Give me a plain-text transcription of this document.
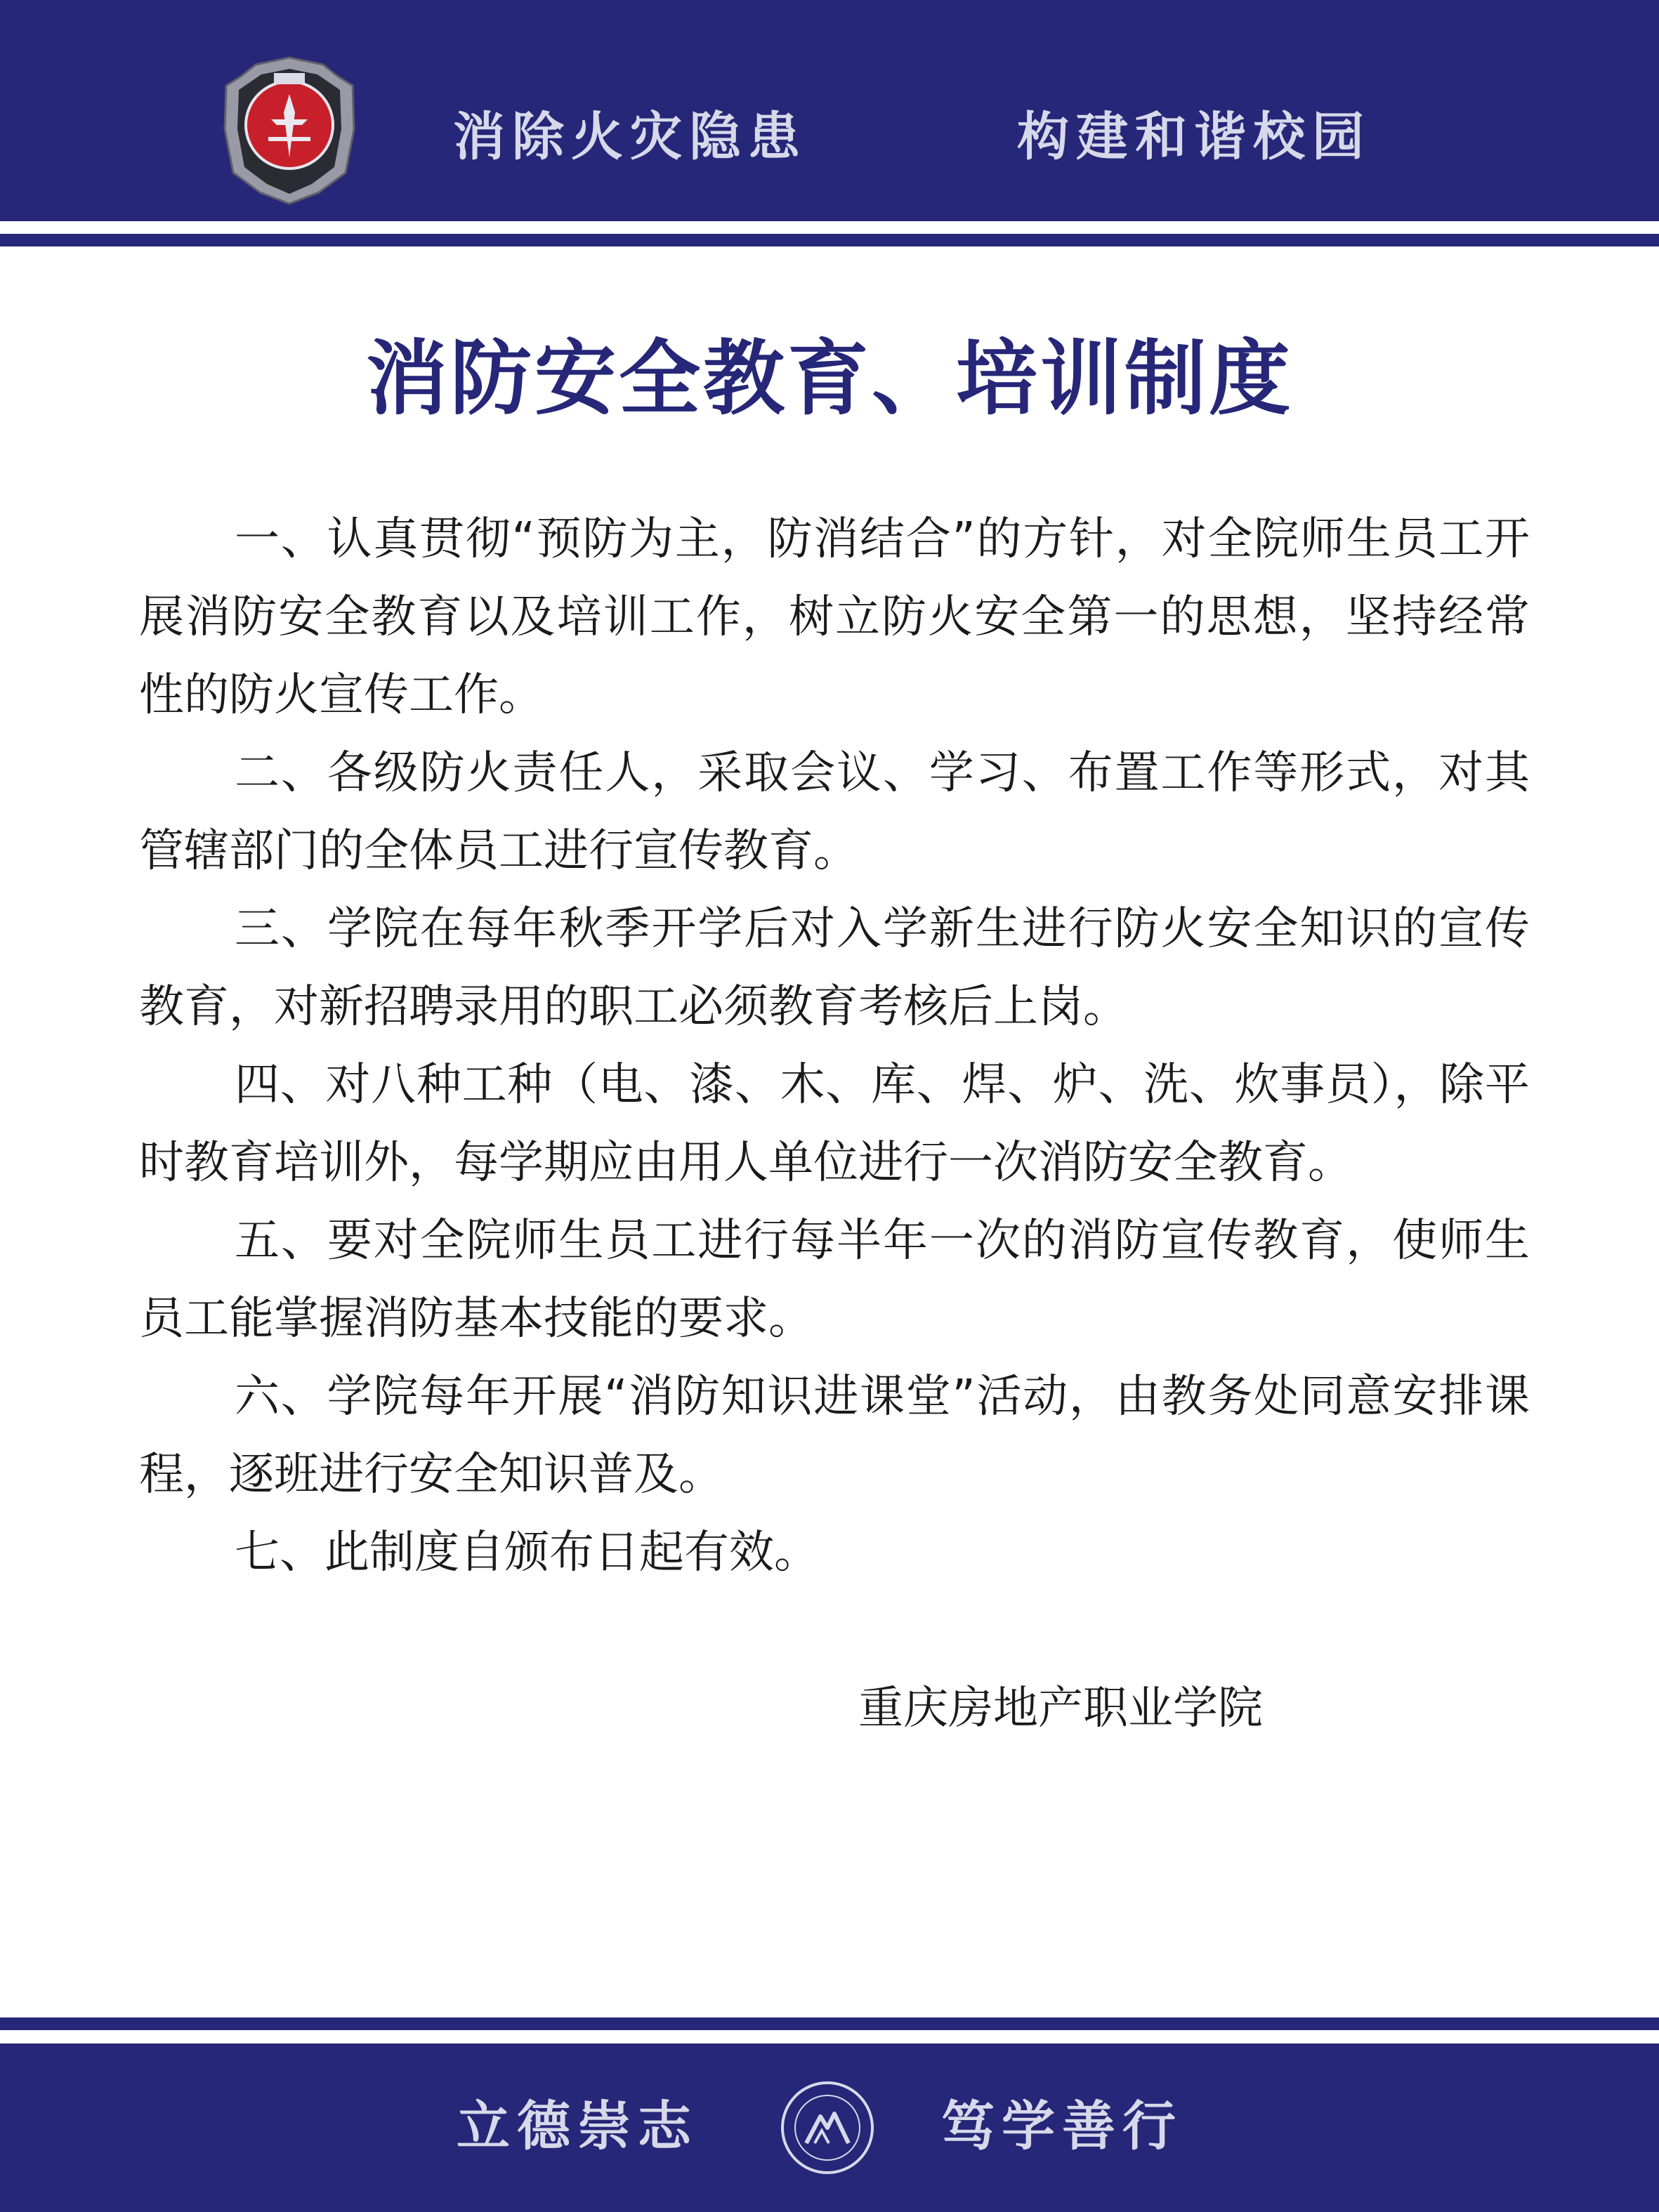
消除火灾隐患	构建和谐校园
消防安全教育、培训制度

一、认真贯彻“预防为主，防消结合”的方针，对全院师生员工开展消防安全教育以及培训工作，树立防火安全第一的思想，坚持经常性的防火宣传工作。

二、各级防火责任人，采取会议、学习、布置工作等形式，对其管辖部门的全体员工进行宣传教育。

三、学院在每年秋季开学后对入学新生进行防火安全知识的宣传教育，对新招聘录用的职工必须教育考核后上岗。

四、对八种工种（电、漆、木、库、焊、炉、洗、炊事员），除平时教育培训外，每学期应由用人单位进行一次消防安全教育。

五、要对全院师生员工进行每半年一次的消防宣传教育，使师生员工能掌握消防基本技能的要求。

六、学院每年开展“消防知识进课堂”活动，由教务处同意安排课程，逐班进行安全知识普及。

七、此制度自颁布日起有效。

重庆房地产职业学院
立德崇志	笃学善行
